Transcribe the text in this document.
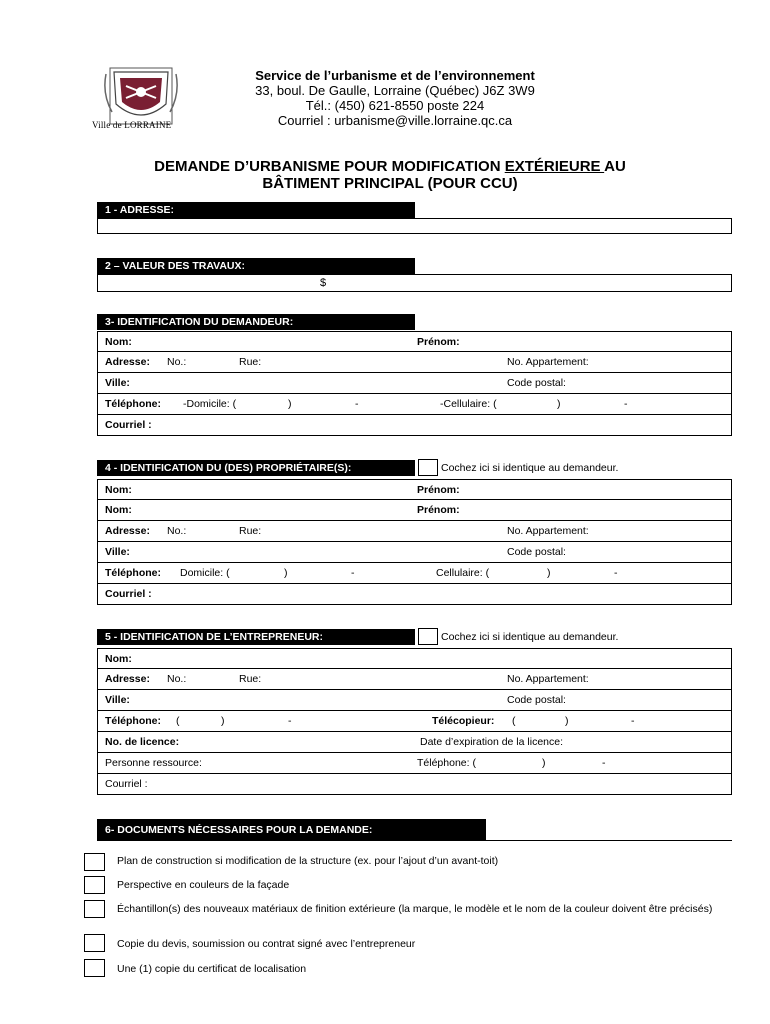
Ville de LORRAINE
Service de l’urbanisme et de l’environnement
33, boul. De Gaulle, Lorraine (Québec) J6Z 3W9
Tél.: (450) 621-8550 poste 224
Courriel : urbanisme@ville.lorraine.qc.ca
DEMANDE D’URBANISME POUR MODIFICATION EXTÉRIEURE AU
BÂTIMENT PRINCIPAL (POUR CCU)
1 - ADRESSE:
2 – VALEUR DES TRAVAUX:
$
3- IDENTIFICATION DU DEMANDEUR:
Nom:	Prénom:
Adresse: No.:	Rue:	No. Appartement:
Ville:	Code postal:
Téléphone: -Domicile: (	)	-	-Cellulaire: (	)	-
Courriel :
4 - IDENTIFICATION DU (DES) PROPRIÉTAIRE(S):	Cochez ici si identique au demandeur.
Nom:	Prénom:
Nom:	Prénom:
Adresse: No.:	Rue:	No. Appartement:
Ville:	Code postal:
Téléphone: Domicile: (	)	-	Cellulaire: (	)	-
Courriel :
5 - IDENTIFICATION DE L’ENTREPRENEUR:	Cochez ici si identique au demandeur.
Nom:
Adresse: No.:	Rue:	No. Appartement:
Ville:	Code postal:
Téléphone: (	)	-	Télécopieur: (	)	-
No. de licence:	Date d’expiration de la licence:
Personne ressource:	Téléphone: (	)	-
Courriel :
6- DOCUMENTS NÉCESSAIRES POUR LA DEMANDE:
Plan de construction si modification de la structure (ex. pour l’ajout d’un avant-toit)
Perspective en couleurs de la façade
Échantillon(s) des nouveaux matériaux de finition extérieure (la marque, le modèle et le nom de la couleur doivent être précisés)
Copie du devis, soumission ou contrat signé avec l’entrepreneur
Une (1) copie du certificat de localisation
